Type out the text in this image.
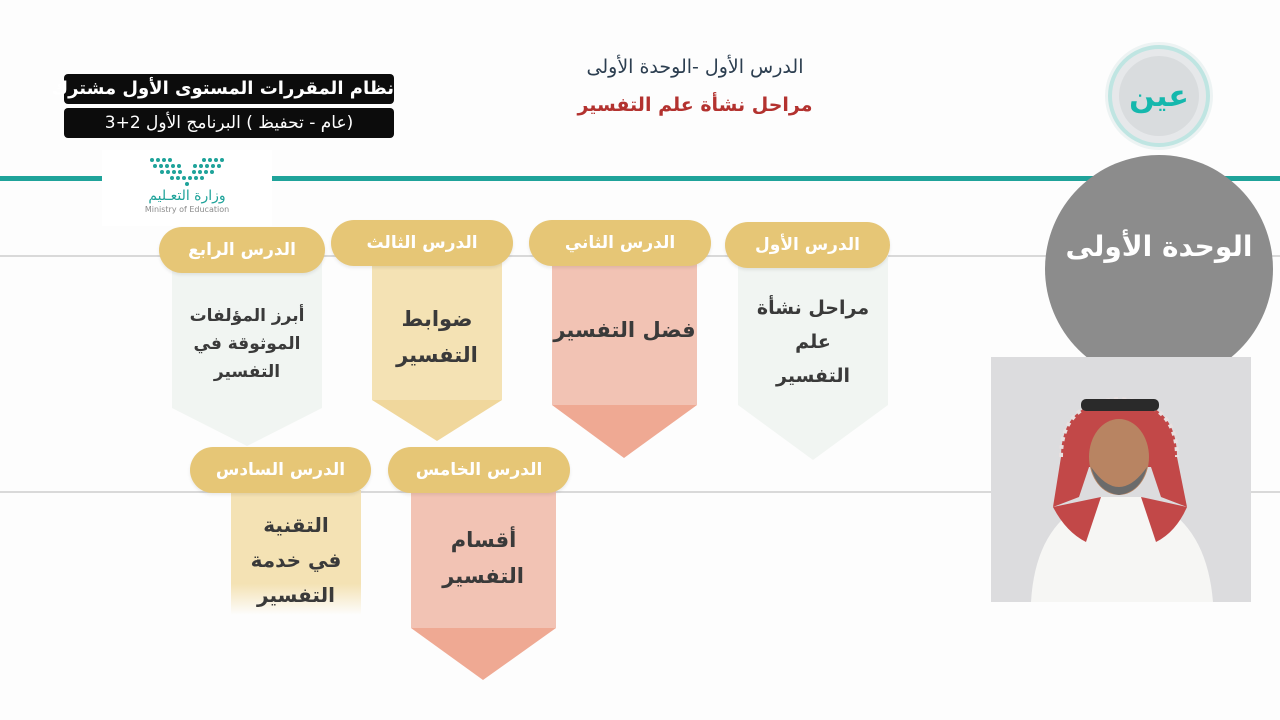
نظام المقررات المستوى الأول مشترك
(عام - تحفيظ ) البرنامج الأول 2+3
وزارة التعـليم
Ministry of Education
الدرس الأول -الوحدة الأولى
مراحل نشأة علم التفسير	عين
الوحدة الأولى
مراحل نشأة علم التفسير
الدرس الأول
فضل التفسير
الدرس الثاني
ضوابط التفسير
الدرس الثالث
أبرز المؤلفات الموثوقة في التفسير
الدرس الرابع
أقسام التفسير
الدرس الخامس
التقنية في خدمة التفسير
الدرس السادس
